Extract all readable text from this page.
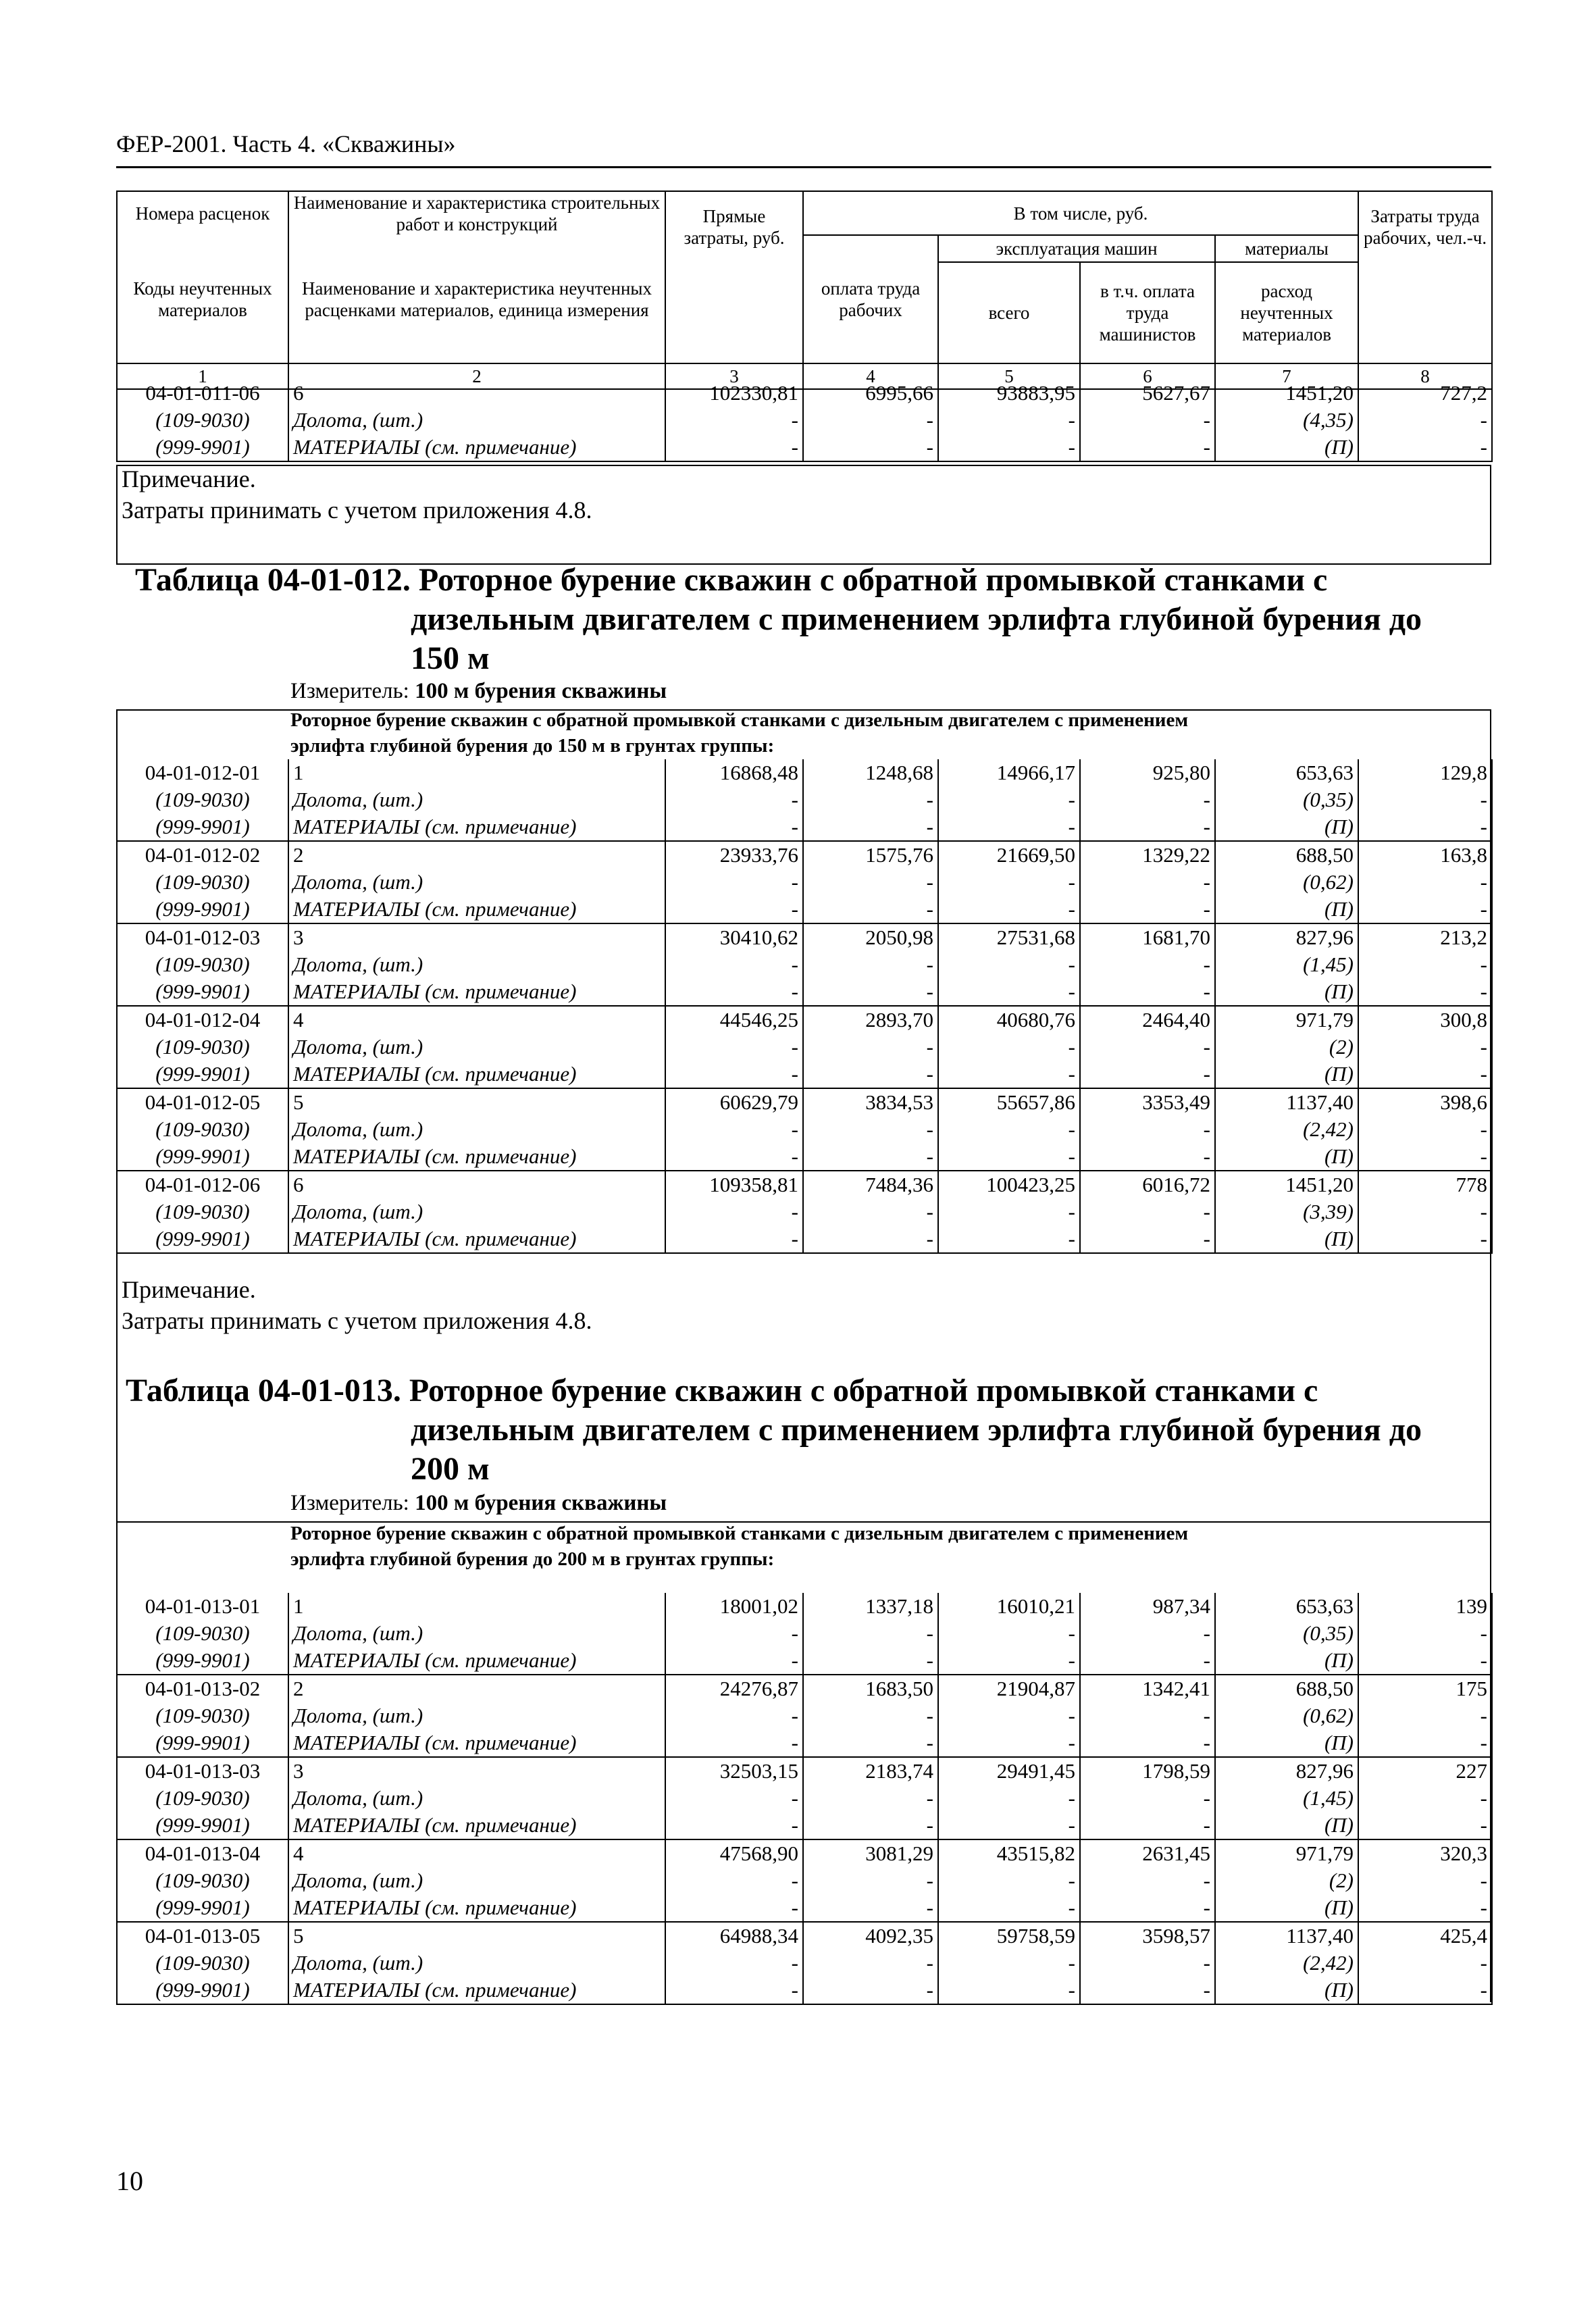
ФЕР-2001. Часть 4. «Скважины»
Номера расценок	Наименование и характеристика строительных работ и конструкций	Прямые затраты, руб.	В том числе, руб.				Затраты труда рабочих, чел.-ч.
Коды неучтенных материалов	Наименование и характеристика неучтенных расценками материалов, единица измерения		оплата труда рабочих	эксплуатация машин		материалы	
				всего	в т.ч. оплата труда машинистов	расход неучтенных материалов	
1	2	3	4	5	6	7	8
04-01-011-06	6	102330,81	6995,66	93883,95	5627,67	1451,20	727,2
(109-9030)	Долота, (шт.)	-	-	-	-	(4,35)	-
(999-9901)	МАТЕРИАЛЫ (см. примечание)	-	-	-	-	(П)	-
Примечание.
Затраты принимать с учетом приложения 4.8.
Таблица 04-01-012. Роторное бурение скважин с обратной промывкой станками с
дизельным двигателем с применением эрлифта глубиной бурения до
150 м
Измеритель: 100 м бурения скважины
Роторное бурение скважин с обратной промывкой станками с дизельным двигателем с применением
эрлифта глубиной бурения до 150 м в грунтах группы:
04-01-012-01	1	16868,48	1248,68	14966,17	925,80	653,63	129,8
(109-9030)	Долота, (шт.)	-	-	-	-	(0,35)	-
(999-9901)	МАТЕРИАЛЫ (см. примечание)	-	-	-	-	(П)	-
04-01-012-02	2	23933,76	1575,76	21669,50	1329,22	688,50	163,8
(109-9030)	Долота, (шт.)	-	-	-	-	(0,62)	-
(999-9901)	МАТЕРИАЛЫ (см. примечание)	-	-	-	-	(П)	-
04-01-012-03	3	30410,62	2050,98	27531,68	1681,70	827,96	213,2
(109-9030)	Долота, (шт.)	-	-	-	-	(1,45)	-
(999-9901)	МАТЕРИАЛЫ (см. примечание)	-	-	-	-	(П)	-
04-01-012-04	4	44546,25	2893,70	40680,76	2464,40	971,79	300,8
(109-9030)	Долота, (шт.)	-	-	-	-	(2)	-
(999-9901)	МАТЕРИАЛЫ (см. примечание)	-	-	-	-	(П)	-
04-01-012-05	5	60629,79	3834,53	55657,86	3353,49	1137,40	398,6
(109-9030)	Долота, (шт.)	-	-	-	-	(2,42)	-
(999-9901)	МАТЕРИАЛЫ (см. примечание)	-	-	-	-	(П)	-
04-01-012-06	6	109358,81	7484,36	100423,25	6016,72	1451,20	778
(109-9030)	Долота, (шт.)	-	-	-	-	(3,39)	-
(999-9901)	МАТЕРИАЛЫ (см. примечание)	-	-	-	-	(П)	-
Примечание.
Затраты принимать с учетом приложения 4.8.
Таблица 04-01-013. Роторное бурение скважин с обратной промывкой станками с
дизельным двигателем с применением эрлифта глубиной бурения до
200 м
Измеритель: 100 м бурения скважины
Роторное бурение скважин с обратной промывкой станками с дизельным двигателем с применением
эрлифта глубиной бурения до 200 м в грунтах группы:
04-01-013-01	1	18001,02	1337,18	16010,21	987,34	653,63	139
(109-9030)	Долота, (шт.)	-	-	-	-	(0,35)	-
(999-9901)	МАТЕРИАЛЫ (см. примечание)	-	-	-	-	(П)	-
04-01-013-02	2	24276,87	1683,50	21904,87	1342,41	688,50	175
(109-9030)	Долота, (шт.)	-	-	-	-	(0,62)	-
(999-9901)	МАТЕРИАЛЫ (см. примечание)	-	-	-	-	(П)	-
04-01-013-03	3	32503,15	2183,74	29491,45	1798,59	827,96	227
(109-9030)	Долота, (шт.)	-	-	-	-	(1,45)	-
(999-9901)	МАТЕРИАЛЫ (см. примечание)	-	-	-	-	(П)	-
04-01-013-04	4	47568,90	3081,29	43515,82	2631,45	971,79	320,3
(109-9030)	Долота, (шт.)	-	-	-	-	(2)	-
(999-9901)	МАТЕРИАЛЫ (см. примечание)	-	-	-	-	(П)	-
04-01-013-05	5	64988,34	4092,35	59758,59	3598,57	1137,40	425,4
(109-9030)	Долота, (шт.)	-	-	-	-	(2,42)	-
(999-9901)	МАТЕРИАЛЫ (см. примечание)	-	-	-	-	(П)	-
10
